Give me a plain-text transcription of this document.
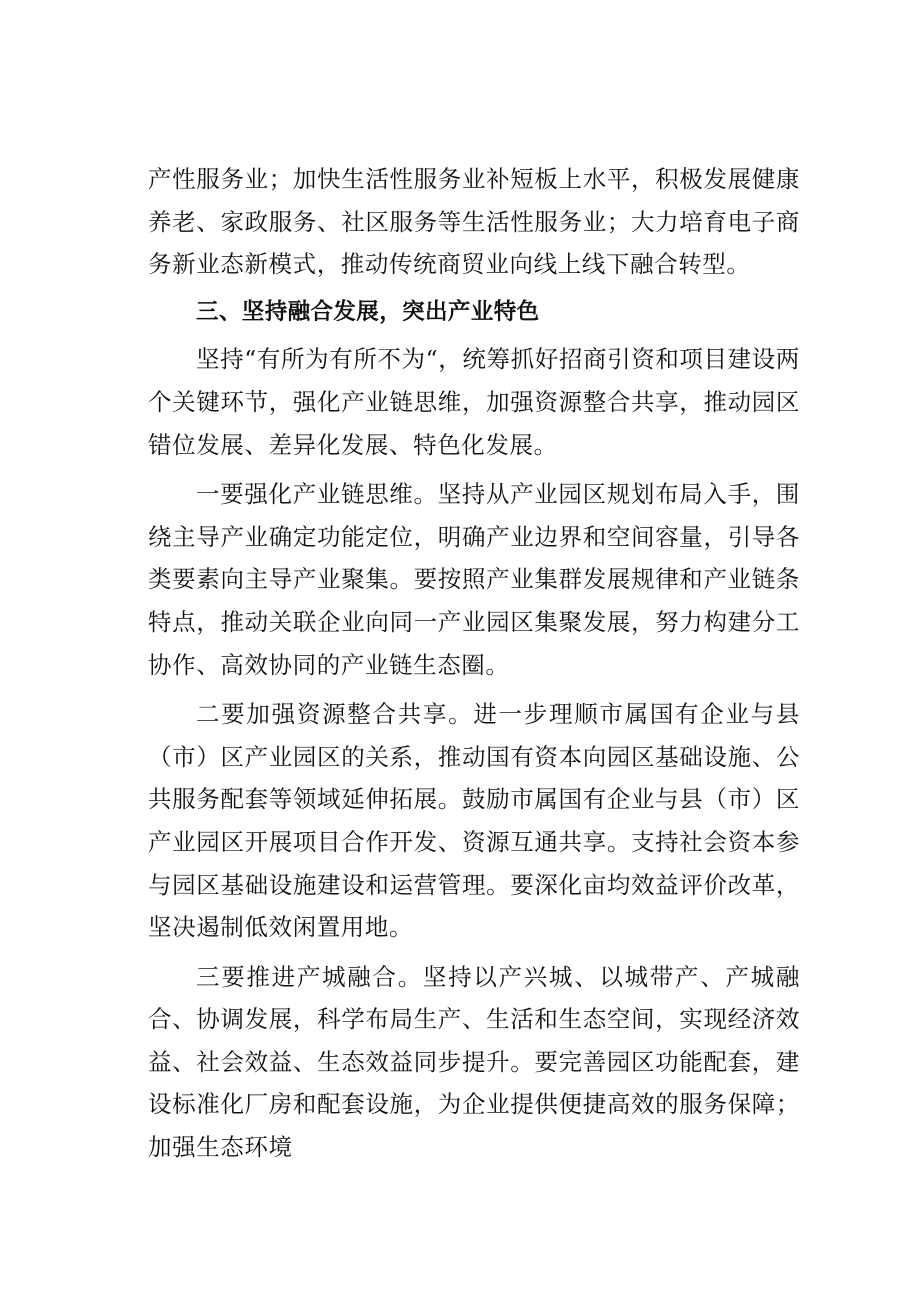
产性服务业；加快生活性服务业补短板上水平，积极发展健康养老、家政服务、社区服务等生活性服务业；大力培育电子商务新业态新模式，推动传统商贸业向线上线下融合转型。

三、坚持融合发展，突出产业特色

坚持“有所为有所不为“，统筹抓好招商引资和项目建设两个关键环节，强化产业链思维，加强资源整合共享，推动园区错位发展、差异化发展、特色化发展。

一要强化产业链思维。坚持从产业园区规划布局入手，围绕主导产业确定功能定位，明确产业边界和空间容量，引导各类要素向主导产业聚集。要按照产业集群发展规律和产业链条特点，推动关联企业向同一产业园区集聚发展，努力构建分工协作、高效协同的产业链生态圈。

二要加强资源整合共享。进一步理顺市属国有企业与县（市）区产业园区的关系，推动国有资本向园区基础设施、公共服务配套等领域延伸拓展。鼓励市属国有企业与县（市）区产业园区开展项目合作开发、资源互通共享。支持社会资本参与园区基础设施建设和运营管理。要深化亩均效益评价改革，坚决遏制低效闲置用地。

三要推进产城融合。坚持以产兴城、以城带产、产城融合、协调发展，科学布局生产、生活和生态空间，实现经济效益、社会效益、生态效益同步提升。要完善园区功能配套，建设标准化厂房和配套设施，为企业提供便捷高效的服务保障；加强生态环境
